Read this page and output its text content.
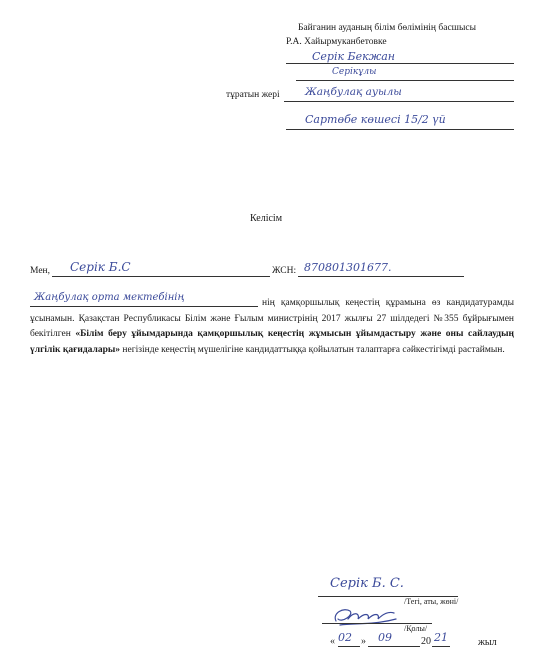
Байганин ауданың білім бөлімінің басшысы
Р.А. Хайырмуканбетовке
Серік Бекжан
Серікұлы
тұратын жері Жаңбулақ ауылы
Сартөбе көшесі 15/2 үй
Келісім
Мен, Серік Б.С	ЖСН: 870801301677.
Жаңбулақ орта мектебінің	нің қамқоршылық кеңестің құрамына өз кандидатурамды ұсынамын. Қазақстан Республикасы Білім және Ғылым министрінің 2017 жылғы 27 шілдедегі №355 бұйрығымен бекітілген «Білім беру ұйымдарында қамқоршылық кеңестің жұмысын ұйымдастыру және оны сайлаудың үлгілік қағидалары» негізінде кеңестің мүшелігіне кандидаттыққа қойылатын талаптарға сәйкестігімді растаймын.
Серік Б. С.
/Тегі, аты, жөні/
/Қолы/
« 02 » 09	20 21	жыл
